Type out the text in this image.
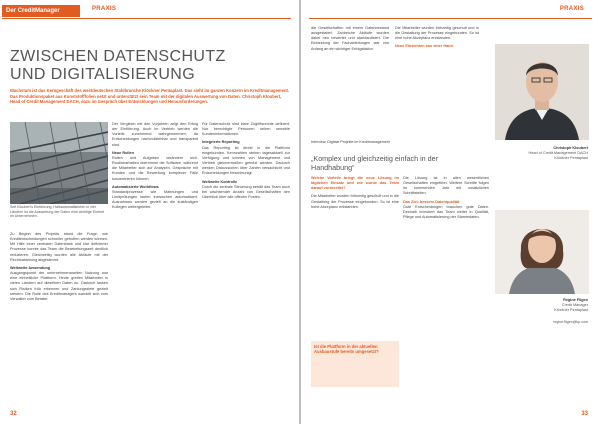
Der CreditManager	PRAXIS
ZWISCHEN DATENSCHUTZ
UND DIGITALISIERUNG

Wachstum ist das Kerngeschäft des westdeutschen Stahlbranche Klöckner Pentaplast. Das sieht im ganzen Konzern im Kreditmanagement. Das Produktionspaket aus Kunststofffolien setzt und unterstützt sein Team mit der digitalen Auswertung von Daten. Christoph Kloubert, Head of Credit Management DACH, dazu im Gespräch über Entwicklungen und Herausforderungen.

Seit Kloubert's Einführung, Halbautomatisierten in vier Ländern ist die Auswertung der Daten eine wichtige Einheit im Unternehmen.

Zu Beginn des Projekts stand die Frage, wie Kreditentscheidungen schneller getroffen werden können. Mit Hilfe einer zentralen Datenbank und klar definierter Prozesse konnte das Team die Bearbeitungszeit deutlich reduzieren. Gleichzeitig wurden alle Abläufe mit der Rechtsabteilung abgestimmt.

Weltweite Anwendung

Ausgangspunkt der unternehmensweiten Nutzung war eine einheitliche Plattform. Heute greifen Mitarbeiter in vielen Ländern auf dieselben Daten zu. Dadurch lassen sich Risiken früh erkennen und Zahlungsziele gezielt steuern. Die Rolle des Kreditmanagers wandelt sich vom Verwalter zum Berater.

Der Vergleich mit den Vorjahren zeigt den Erfolg der Einführung. Auch im Vertrieb werden die Vorteile zunehmend wahrgenommen, da Entscheidungen nachvollziehbar und transparent sind.

Neue Rollen

Rollen und Aufgaben verändern sich. Routinearbeiten übernimmt die Software, während die Mitarbeiter sich auf Analysen, Gespräche mit Kunden und die Bewertung komplexer Fälle konzentrieren können.

Automatisierte Workflows

Standardprozesse wie Mahnungen und Limitprüfungen laufen inzwischen automatisiert. Ausnahmen werden gezielt an die zuständigen Kollegen weitergeleitet.

Für Datenschutz sind klare Zugriffsrechte definiert. Nur berechtigte Personen sehen sensible Kundeninformationen.

Integrierte Reporting

Das Reporting ist direkt in die Plattform eingebunden. Kennzahlen stehen tagesaktuell zur Verfügung und können von Management und Vertrieb gleichermaßen genutzt werden. Dadurch werden Diskussionen über Zahlen versachlicht und Entscheidungen beschleunigt.

Weltweite Kontrolle

Durch die zentrale Steuerung behält das Team auch bei wachsender Anzahl von Gesellschaften den Überblick über alle offenen Posten.

32
PRAXIS

die Gesellschaften mit einem Datenbestand ausgestattet. Zahlreiche Abläufe wurden dabei neu bewertet und standardisiert. Die Einbindung der Fachabteilungen war von Anfang an ein wichtiger Erfolgsfaktor.

Die Mitarbeiter wurden frühzeitig geschult und in die Gestaltung der Prozesse eingebunden. So ist eine hohe Akzeptanz entstanden.

Neue Einsichten aus einer Hand.

Interview: Digitale Projekte im Kreditmanagement
„Komplex und gleichzeitig einfach in der Handhabung“

Welche Vorteile bringt die neue Lösung im täglichen Einsatz und wie wurde das Team darauf vorbereitet?

Die Mitarbeiter wurden frühzeitig geschult und in die Gestaltung der Prozesse eingebunden. So ist eine hohe Akzeptanz entstanden.

Ist die Plattform in der aktuellen Ausbaustufe bereits umgesetzt?

Die Lösung ist in allen wesentlichen Gesellschaften eingeführt. Weitere Schritte folgen im kommenden Jahr mit zusätzlichen Schnittstellen.

Das Ziel: bessere Datenqualität

Gute Entscheidungen brauchen gute Daten. Deshalb investiert das Team weiter in Qualität, Pflege und Automatisierung der Stammdaten.

Christoph Kloubert
Head of Credit Management DACH
Klöckner Pentaplast
Regine Filgen
Credit Manager
Klöckner Pentaplast
regine.filgen@kp.com
33
